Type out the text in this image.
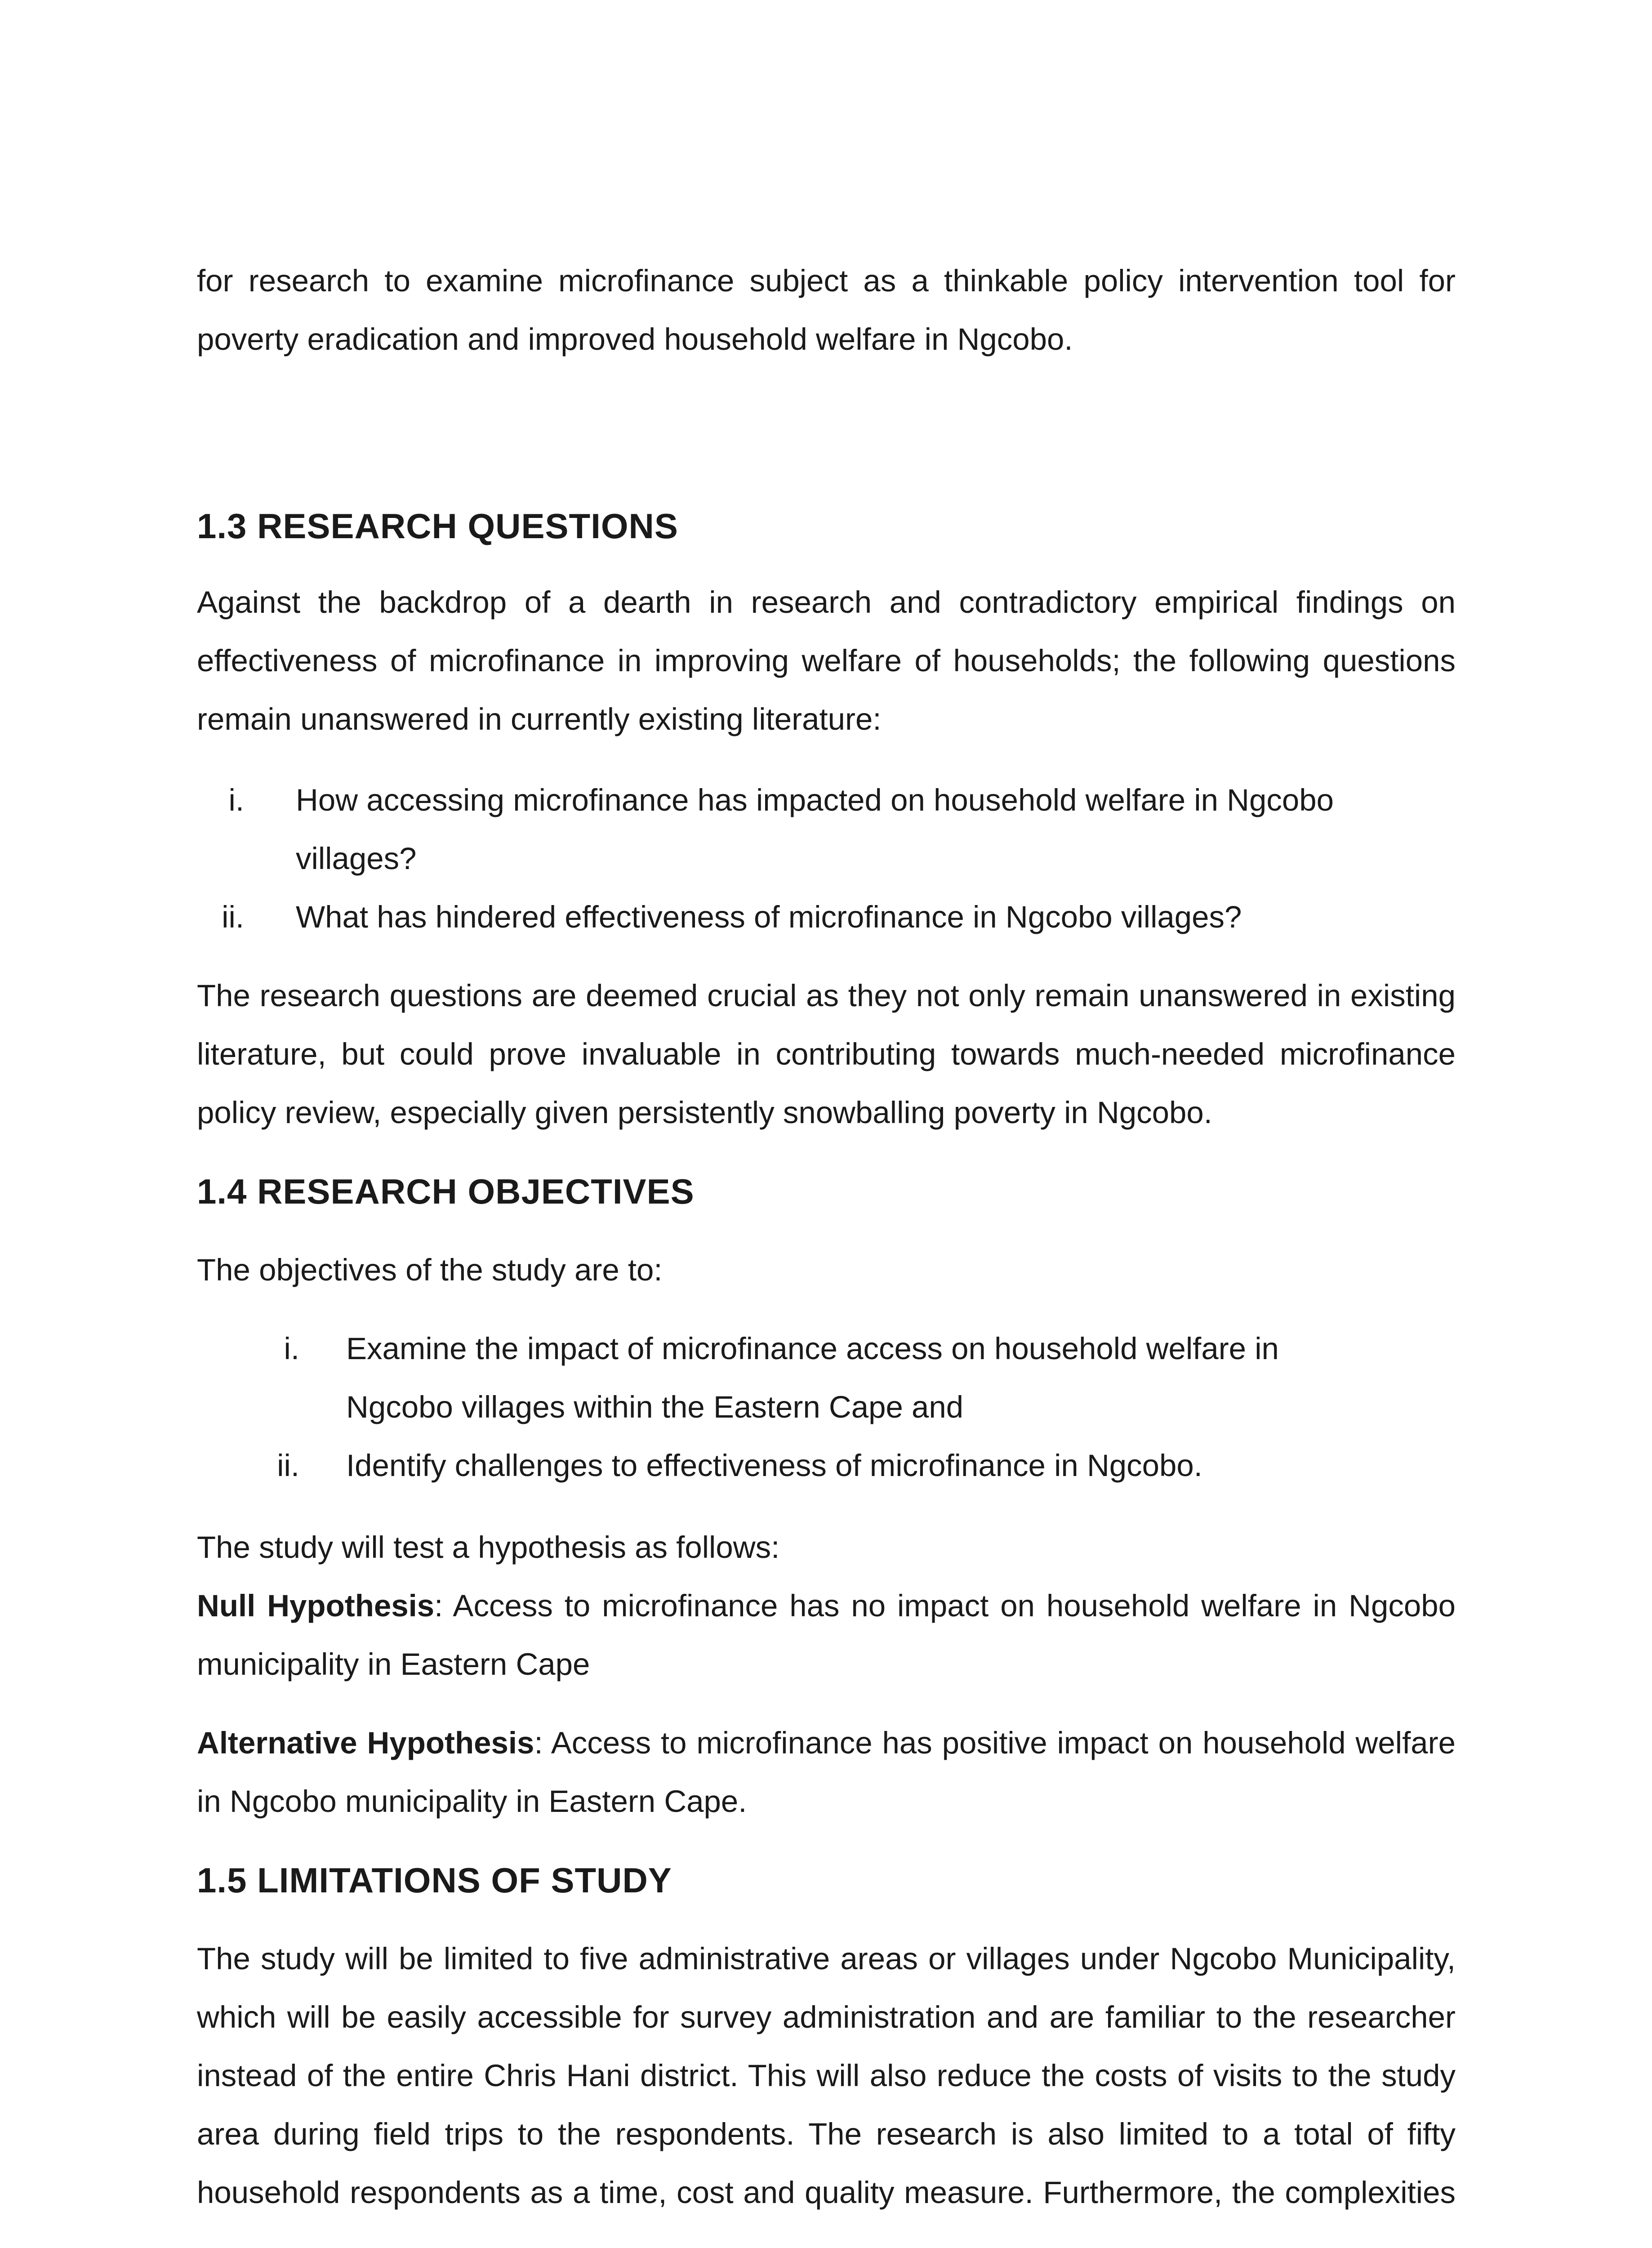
for research to examine microfinance subject as a thinkable policy intervention tool for poverty eradication and improved household welfare in Ngcobo.

1.3 RESEARCH QUESTIONS

Against the backdrop of a dearth in research and contradictory empirical findings on effectiveness of microfinance in improving welfare of households; the following questions remain unanswered in currently existing literature:

i. How accessing microfinance has impacted on household welfare in Ngcobo villages?
ii. What has hindered effectiveness of microfinance in Ngcobo villages?

The research questions are deemed crucial as they not only remain unanswered in existing literature, but could prove invaluable in contributing towards much-needed microfinance policy review, especially given persistently snowballing poverty in Ngcobo.

1.4 RESEARCH OBJECTIVES

The objectives of the study are to:

i. Examine the impact of microfinance access on household welfare in Ngcobo villages within the Eastern Cape and
ii. Identify challenges to effectiveness of microfinance in Ngcobo.

The study will test a hypothesis as follows:

Null Hypothesis: Access to microfinance has no impact on household welfare in Ngcobo municipality in Eastern Cape

Alternative Hypothesis: Access to microfinance has positive impact on household welfare in Ngcobo municipality in Eastern Cape.

1.5 LIMITATIONS OF STUDY

The study will be limited to five administrative areas or villages under Ngcobo Municipality, which will be easily accessible for survey administration and are familiar to the researcher instead of the entire Chris Hani district. This will also reduce the costs of visits to the study area during field trips to the respondents. The research is also limited to a total of fifty household respondents as a time, cost and quality measure. Furthermore, the complexities
